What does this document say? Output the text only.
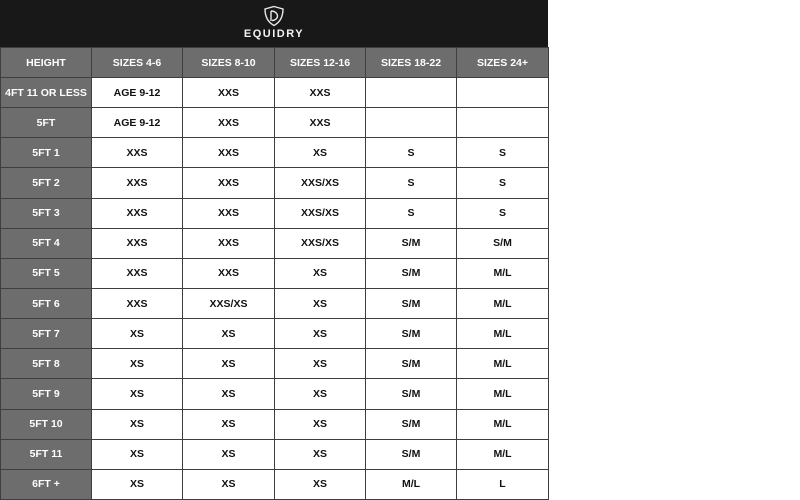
EQUIDRY
HEIGHT	SIZES 4-6	SIZES 8-10	SIZES 12-16	SIZES 18-22	SIZES 24+
4FT 11 OR LESS	AGE 9-12	XXS	XXS		
5FT	AGE 9-12	XXS	XXS		
5FT 1	XXS	XXS	XS	S	S
5FT 2	XXS	XXS	XXS/XS	S	S
5FT 3	XXS	XXS	XXS/XS	S	S
5FT 4	XXS	XXS	XXS/XS	S/M	S/M
5FT 5	XXS	XXS	XS	S/M	M/L
5FT 6	XXS	XXS/XS	XS	S/M	M/L
5FT 7	XS	XS	XS	S/M	M/L
5FT 8	XS	XS	XS	S/M	M/L
5FT 9	XS	XS	XS	S/M	M/L
5FT 10	XS	XS	XS	S/M	M/L
5FT 11	XS	XS	XS	S/M	M/L
6FT +	XS	XS	XS	M/L	L
